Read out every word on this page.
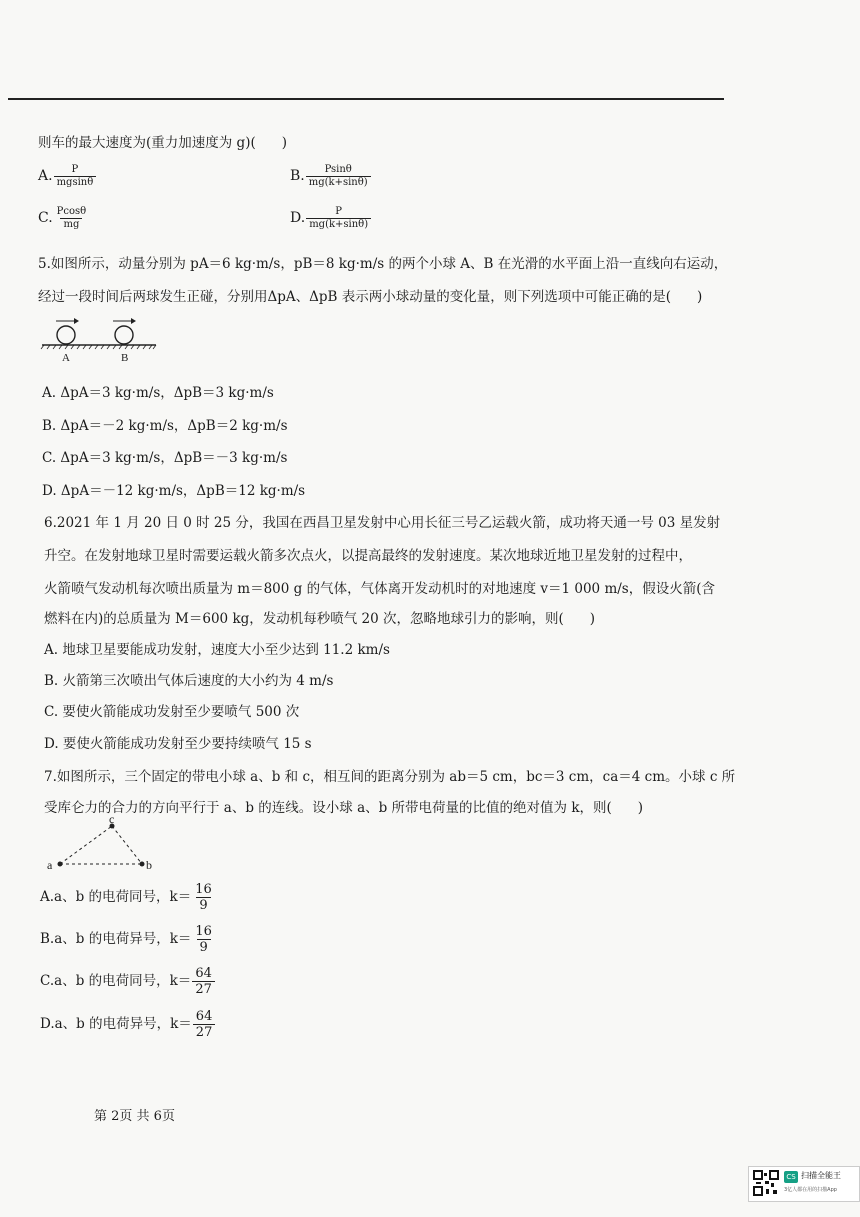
则车的最大速度为(重力加速度为 g)( )
A. $\frac{P}{mgsin\theta}$	B. $\frac{Psin\theta}{mg(k+\sin\theta)}$
C. $\frac{Pcos\theta}{mg}$	D. $\frac{P}{mg(k+\sin\theta)}$
5.如图所示，动量分别为 pA＝6 kg·m/s，pB＝8 kg·m/s 的两个小球 A、B 在光滑的水平面上沿一直线向右运动，
经过一段时间后两球发生正碰，分别用ΔpA、ΔpB 表示两小球动量的变化量，则下列选项中可能正确的是( )
A	B
A. ΔpA＝3 kg·m/s，ΔpB＝3 kg·m/s
B. ΔpA＝－2 kg·m/s，ΔpB＝2 kg·m/s
C. ΔpA＝3 kg·m/s，ΔpB＝－3 kg·m/s
D. ΔpA＝－12 kg·m/s，ΔpB＝12 kg·m/s
6.2021 年 1 月 20 日 0 时 25 分，我国在西昌卫星发射中心用长征三号乙运载火箭，成功将天通一号 03 星发射
升空。在发射地球卫星时需要运载火箭多次点火，以提高最终的发射速度。某次地球近地卫星发射的过程中，
火箭喷气发动机每次喷出质量为 m＝800 g 的气体，气体离开发动机时的对地速度 v＝1 000 m/s，假设火箭(含
燃料在内)的总质量为 M＝600 kg，发动机每秒喷气 20 次，忽略地球引力的影响，则( )
A. 地球卫星要能成功发射，速度大小至少达到 11.2 km/s
B. 火箭第三次喷出气体后速度的大小约为 4 m/s
C. 要使火箭能成功发射至少要喷气 500 次
D. 要使火箭能成功发射至少要持续喷气 15 s
7.如图所示，三个固定的带电小球 a、b 和 c，相互间的距离分别为 ab＝5 cm，bc＝3 cm，ca＝4 cm。小球 c 所
受库仑力的合力的方向平行于 a、b 的连线。设小球 a、b 所带电荷量的比值的绝对值为 k，则( )
a	b
c
A.a、b 的电荷同号，$k= \frac{16}{9}$
B.a、b 的电荷异号，$k= \frac{16}{9}$
C.a、b 的电荷同号，$k= \frac{64}{27}$
D.a、b 的电荷异号，$k= \frac{64}{27}$
第 2页 共 6页
CS 扫描全能王
3亿人都在用的扫描App
